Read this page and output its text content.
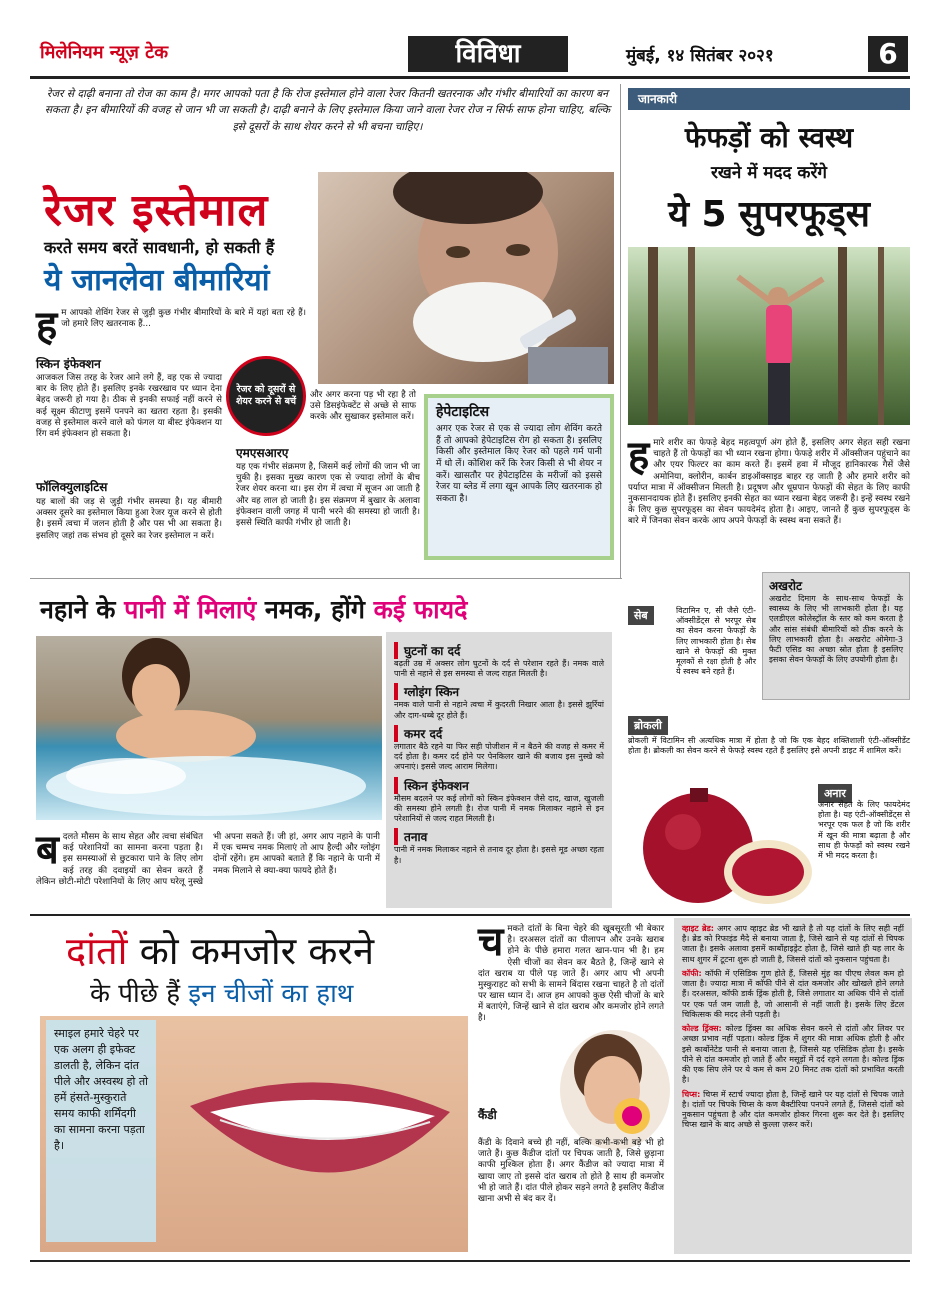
मिलेनियम न्यूज़ टेक	विविधा	मुंबई, १४ सितंबर २०२१	6
रेजर से दाढ़ी बनाना तो रोज का काम है। मगर आपको पता है कि रोज इस्तेमाल होने वाला रेजर कितनी खतरनाक और गंभीर बीमारियों का कारण बन सकता है। इन बीमारियों की वजह से जान भी जा सकती है। दाढ़ी बनाने के लिए इस्तेमाल किया जाने वाला रेजर रोज न सिर्फ साफ होना चाहिए, बल्कि इसे दूसरों के साथ शेयर करने से भी बचना चाहिए।
रेजर इस्तेमाल
करते समय बरतें सावधानी, हो सकती हैं
ये जानलेवा बीमारियां
ह म आपको शेविंग रेजर से जुड़ी कुछ गंभीर बीमारियों के बारे में यहां बता रहे हैं। जो हमारे लिए खतरनाक हैं...
स्किन इंफेक्शन
आजकल जिस तरह के रेजर आने लगे हैं, वह एक से ज्यादा बार के लिए होते हैं। इसलिए इनके रखरखाव पर ध्यान देना बेहद जरूरी हो गया है। ठीक से इनकी सफाई नहीं करने से कई सूक्ष्म कीटाणु इसमें पनपने का खतरा रहता है। इसकी वजह से इस्तेमाल करने वाले को फंगल या बीस्ट इंफेक्शन या रिंग वर्म इंफेक्शन हो सकता है।
फॉलिक्युलाइटिस
यह बालों की जड़ से जुड़ी गंभीर समस्या है। यह बीमारी अक्सर दूसरे का इस्तेमाल किया हुआ रेजर यूज करने से होती है। इसमें त्वचा में जलन होती है और पस भी आ सकता है। इसलिए जहां तक संभव हो दूसरे का रेजर इस्तेमाल न करें।
रेजर को दूसरों से शेयर करने से बचें
और अगर करना पड़ भी रहा है तो उसे डिसइंफेक्टेंट से अच्छे से साफ करके और सुखाकर इस्तेमाल करें।
एमएसआरए
यह एक गंभीर संक्रमण है, जिसमें कई लोगों की जान भी जा चुकी है। इसका मुख्य कारण एक से ज्यादा लोगों के बीच रेजर शेयर करना था। इस रोग में त्वचा में सूजन आ जाती है और वह लाल हो जाती है। इस संक्रमण में बुखार के अलावा इंफेक्शन वाली जगह में पानी भरने की समस्या हो जाती है। इससे स्थिति काफी गंभीर हो जाती है।
हेपेटाइटिस
अगर एक रेजर से एक से ज्यादा लोग शेविंग करते हैं तो आपको हेपेटाइटिस रोग हो सकता है। इसलिए किसी और इस्तेमाल किए रेजर को पहले गर्म पानी में धो लें। कोशिश करें कि रेजर किसी से भी शेयर न करें। खासतौर पर हेपेटाइटिस के मरीजों को इससे रेजर या ब्लेड में लगा खून आपके लिए खतरनाक हो सकता है।
जानकारी
फेफड़ों को स्वस्थ
रखने में मदद करेंगे
ये 5 सुपरफूड्स
ह मारे शरीर का फेफड़े बेहद महत्वपूर्ण अंग होते हैं, इसलिए अगर सेहत सही रखना चाहते हैं तो फेफड़ों का भी ध्यान रखना होगा। फेफड़े शरीर में ऑक्सीजन पहुंचाने का और एयर फिल्टर का काम करते हैं। इसमें हवा में मौजूद हानिकारक गैसें जैसे अमोनिया, क्लोरीन, कार्बन डाइऑक्साइड बाहर रह जाती है और हमारे शरीर को पर्याप्त मात्रा में ऑक्सीजन मिलती है। प्रदूषण और धूम्रपान फेफड़ों की सेहत के लिए काफी नुकसानदायक होते हैं। इसलिए इनकी सेहत का ध्यान रखना बेहद जरूरी है। इन्हें स्वस्थ रखने के लिए कुछ सुपरफूड्स का सेवन फायदेमंद होता है। आइए, जानते हैं कुछ सुपरफूड्स के बारे में जिनका सेवन करके आप अपने फेफड़ों के स्वस्थ बना सकते हैं।
अखरोट
अखरोट दिमाग के साथ-साथ फेफड़ों के स्वास्थ्य के लिए भी लाभकारी होता है। यह एलडीएल कोलेस्ट्रॉल के स्तर को कम करता है और सांस संबंधी बीमारियों को ठीक करने के लिए लाभकारी होता है। अखरोट ओमेगा-3 फैटी एसिड का अच्छा स्रोत होता है इसलिए इसका सेवन फेफड़ों के लिए उपयोगी होता है।
सेब	विटामिन ए, सी जैसे एंटी-ऑक्सीडेंट्स से भरपूर सेब का सेवन करना फेफड़ों के लिए लाभकारी होता है। सेब खाने से फेफड़ों की मुक्त मूलकों से रक्षा होती है और ये स्वस्थ बने रहते हैं।
ब्रोकली
ब्रोकली में विटामिन सी अत्यधिक मात्रा में होता है जो कि एक बेहद शक्तिशाली एंटी-ऑक्सीडेंट होता है। ब्रोकली का सेवन करने से फेफड़े स्वस्थ रहते हैं इसलिए इसे अपनी डाइट में शामिल करें।
अनार
अनार सेहत के लिए फायदेमंद होता है। यह एंटी-ऑक्सीडेंट्स से भरपूर एक फल है जो कि शरीर में खून की मात्रा बढ़ाता है और साथ ही फेफड़ों को स्वस्थ रखने में भी मदद करता है।
नहाने के पानी में मिलाएं नमक, होंगे कई फायदे
घुटनों का दर्द
बढ़ती उम्र में अक्सर लोग घुटनों के दर्द से परेशान रहते हैं। नमक वाले पानी से नहाने से इस समस्या से जल्द राहत मिलती है।
ग्लोइंग स्किन
नमक वाले पानी से नहाने त्वचा में कुदरती निखार आता है। इससे झुर्रियां और दाग-धब्बे दूर होते हैं।
कमर दर्द
लगातार बैठे रहने या फिर सही पोजीशन में न बैठने की वजह से कमर में दर्द होता है। कमर दर्द होने पर पेनकिलर खाने की बजाय इस नुस्खे को अपनाएं। इससे जल्द आराम मिलेगा।
स्किन इंफेक्शन
मौसम बदलने पर कई लोगों को स्किन इंफेक्शन जैसे दाद, खाज, खुजली की समस्या होने लगती है। रोज पानी में नमक मिलाकर नहाने से इन परेशानियों से जल्द राहत मिलती है।
तनाव
पानी में नमक मिलाकर नहाने से तनाव दूर होता है। इससे मूड अच्छा रहता है।
ब दलते मौसम के साथ सेहत और त्वचा संबंधित कई परेशानियों का सामना करना पड़ता है। इस समस्याओं से छुटकारा पाने के लिए लोग कई तरह की दवाइयों का सेवन करते हैं लेकिन छोटी-मोटी परेशानियों के लिए आप घरेलू नुस्खे भी अपना सकते हैं। जी हां, अगर आप नहाने के पानी में एक चम्मच नमक मिलाएं तो आप हैल्दी और ग्लोइंग दोनों रहेंगे। हम आपको बताते हैं कि नहाने के पानी में नमक मिलाने से क्या-क्या फायदे होते हैं।
दांतों को कमजोर करने
के पीछे हैं इन चीजों का हाथ
स्माइल हमारे चेहरे पर एक अलग ही इफेक्ट डालती है, लेकिन दांत पीले और अस्वस्थ हो तो हमें हंसते-मुस्कुराते समय काफी शर्मिंदगी का सामना करना पड़ता है।
च मकते दांतों के बिना चेहरे की खूबसूरती भी बेकार है। दरअसल दांतों का पीलापन और उनके खराब होने के पीछे हमारा गलत खान-पान भी है। हम ऐसी चीजों का सेवन कर बैठते है, जिन्हें खाने से दांत खराब या पीले पड़ जाते हैं। अगर आप भी अपनी मुस्कुराहट को सभी के सामने बिंदास रखना चाहते है तो दांतों पर खास ध्यान दें। आज हम आपको कुछ ऐसी चीजों के बारे में बताएंगे, जिन्हें खाने से दांत खराब और कमजोर होने लगते है।
कैंडी
कैंडी के दिवाने बच्चे ही नहीं, बल्कि कभी-कभी बड़े भी हो जाते हैं। कुछ कैंडीज दांतों पर चिपक जाती है, जिसे छुड़ाना काफी मुश्किल होता हैं। अगर कैंडीज को ज्यादा मात्रा में खाया जाए तो इससे दांत खराब तो होते है साथ ही कमजोर भी हो जाते हैं। दांत पीले होकर सड़ने लगते है इसलिए कैंडीज खाना अभी से बंद कर दें।
व्हाइट ब्रेड: अगर आप व्हाइट ब्रेड भी खाते है तो यह दांतों के लिए सही नहीं है। ब्रेड को रिफाइंड मैदे से बनाया जाता है, जिसे खाने से यह दांतों से चिपक जाता है। इसके अलावा इसमें कार्बोहाइड्रेट होता है, जिसे खाते ही यह लार के साथ शुगर में टूटना शुरू हो जाती है, जिससे दांतों को नुकसान पहुंचता है।
कॉफी: कॉफी में एसिडिक गुण होते हैं, जिससे मुंह का पीएच लेवल कम हो जाता है। ज्यादा मात्रा में कॉफी पीने से दांत कमजोर और खोखले होने लगते हैं। दरअसल, कॉफी डार्क ड्रिंक होती है, जिसे लगातार या अधिक पीने से दांतों पर एक पर्त जम जाती है, जो आसानी से नहीं जाती है। इसके लिए डेंटल चिकित्सक की मदद लेनी पड़ती है।
कोल्ड ड्रिंक्स: कोल्ड ड्रिंक्स का अधिक सेवन करने से दांतों और लिवर पर अच्छा प्रभाव नहीं पड़ता। कोल्ड ड्रिंक में शुगर की मात्रा अधिक होती है और इसे कार्बोनेटेड पानी से बनाया जाता है, जिससे यह एसिडिक होता है। इसके पीने से दांत कमजोर हो जाते हैं और मसूड़ों में दर्द रहने लगता है। कोल्ड ड्रिंक की एक सिप लेने पर ये कम से कम 20 मिनट तक दांतों को प्रभावित करती है।
चिप्स: चिप्स में स्टार्च ज्यादा होता है, जिन्हें खाने पर यह दांतों से चिपक जाते है। दांतों पर चिपके चिप्स के कण बैक्टीरिया पनपने लगते हैं, जिससे दांतों को नुकसान पहुंचता है और दांत कमजोर होकर गिरना शुरू कर देते है। इसलिए चिप्स खाने के बाद अच्छे से कुल्ला ज़रूर करें।
